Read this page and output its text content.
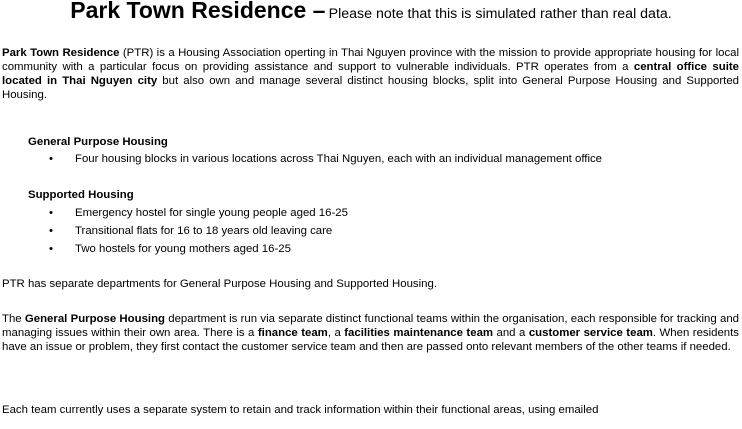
Park Town Residence – Please note that this is simulated rather than real data.
Park Town Residence (PTR) is a Housing Association operting in Thai Nguyen province with the mission to provide appropriate housing for local community with a particular focus on providing assistance and support to vulnerable individuals. PTR operates from a central office suite located in Thai Nguyen city but also own and manage several distinct housing blocks, split into General Purpose Housing and Supported Housing.
General Purpose Housing
• Four housing blocks in various locations across Thai Nguyen, each with an individual management office
Supported Housing
• Emergency hostel for single young people aged 16-25
• Transitional flats for 16 to 18 years old leaving care
• Two hostels for young mothers aged 16-25
PTR has separate departments for General Purpose Housing and Supported Housing.
The General Purpose Housing department is run via separate distinct functional teams within the organisation, each responsible for tracking and managing issues within their own area. There is a finance team, a facilities maintenance team and a customer service team. When residents have an issue or problem, they first contact the customer service team and then are passed onto relevant members of the other teams if needed.
Each team currently uses a separate system to retain and track information within their functional areas, using emailed
